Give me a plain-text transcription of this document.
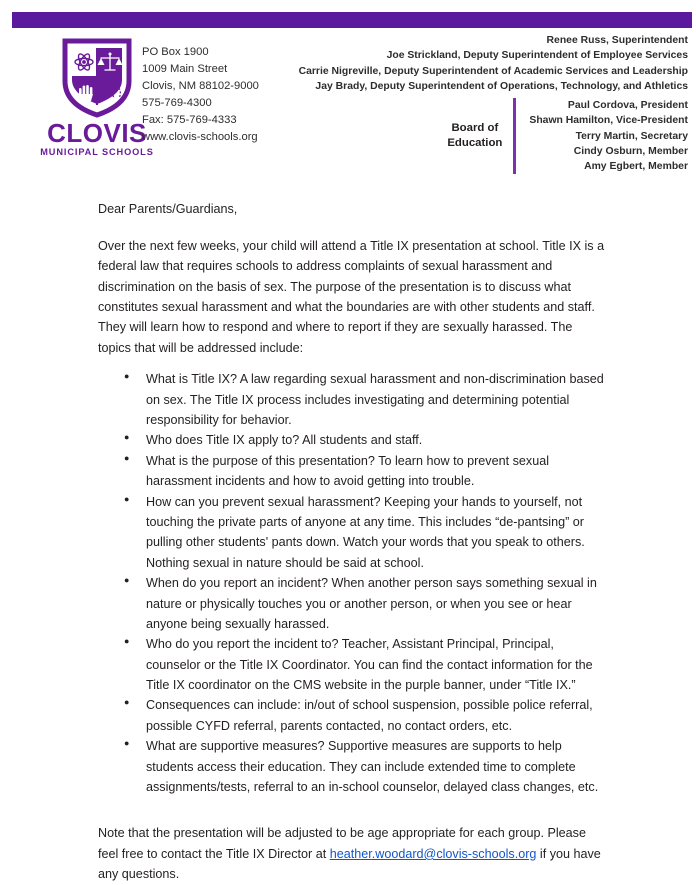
CLOVIS
MUNICIPAL SCHOOLS
PO Box 1900
1009 Main Street
Clovis, NM 88102-9000
575-769-4300
Fax: 575-769-4333
www.clovis-schools.org
Renee Russ, Superintendent
Joe Strickland, Deputy Superintendent of Employee Services
Carrie Nigreville, Deputy Superintendent of Academic Services and Leadership
Jay Brady, Deputy Superintendent of Operations, Technology, and Athletics
Board of
Education
Paul Cordova, President
Shawn Hamilton, Vice-President
Terry Martin, Secretary
Cindy Osburn, Member
Amy Egbert, Member
Dear Parents/Guardians,
Over the next few weeks, your child will attend a Title IX presentation at school. Title IX is a federal law that requires schools to address complaints of sexual harassment and discrimination on the basis of sex. The purpose of the presentation is to discuss what constitutes sexual harassment and what the boundaries are with other students and staff. They will learn how to respond and where to report if they are sexually harassed. The topics that will be addressed include:
● What is Title IX? A law regarding sexual harassment and non-discrimination based on sex. The Title IX process includes investigating and determining potential responsibility for behavior.
● Who does Title IX apply to? All students and staff.
● What is the purpose of this presentation? To learn how to prevent sexual harassment incidents and how to avoid getting into trouble.
● How can you prevent sexual harassment? Keeping your hands to yourself, not touching the private parts of anyone at any time. This includes “de-pantsing” or pulling other students' pants down. Watch your words that you speak to others. Nothing sexual in nature should be said at school.
● When do you report an incident? When another person says something sexual in nature or physically touches you or another person, or when you see or hear anyone being sexually harassed.
● Who do you report the incident to? Teacher, Assistant Principal, Principal, counselor or the Title IX Coordinator. You can find the contact information for the Title IX coordinator on the CMS website in the purple banner, under “Title IX.”
● Consequences can include: in/out of school suspension, possible police referral, possible CYFD referral, parents contacted, no contact orders, etc.
● What are supportive measures? Supportive measures are supports to help students access their education. They can include extended time to complete assignments/tests, referral to an in-school counselor, delayed class changes, etc.
Note that the presentation will be adjusted to be age appropriate for each group. Please feel free to contact the Title IX Director at heather.woodard@clovis-schools.org if you have any questions.
